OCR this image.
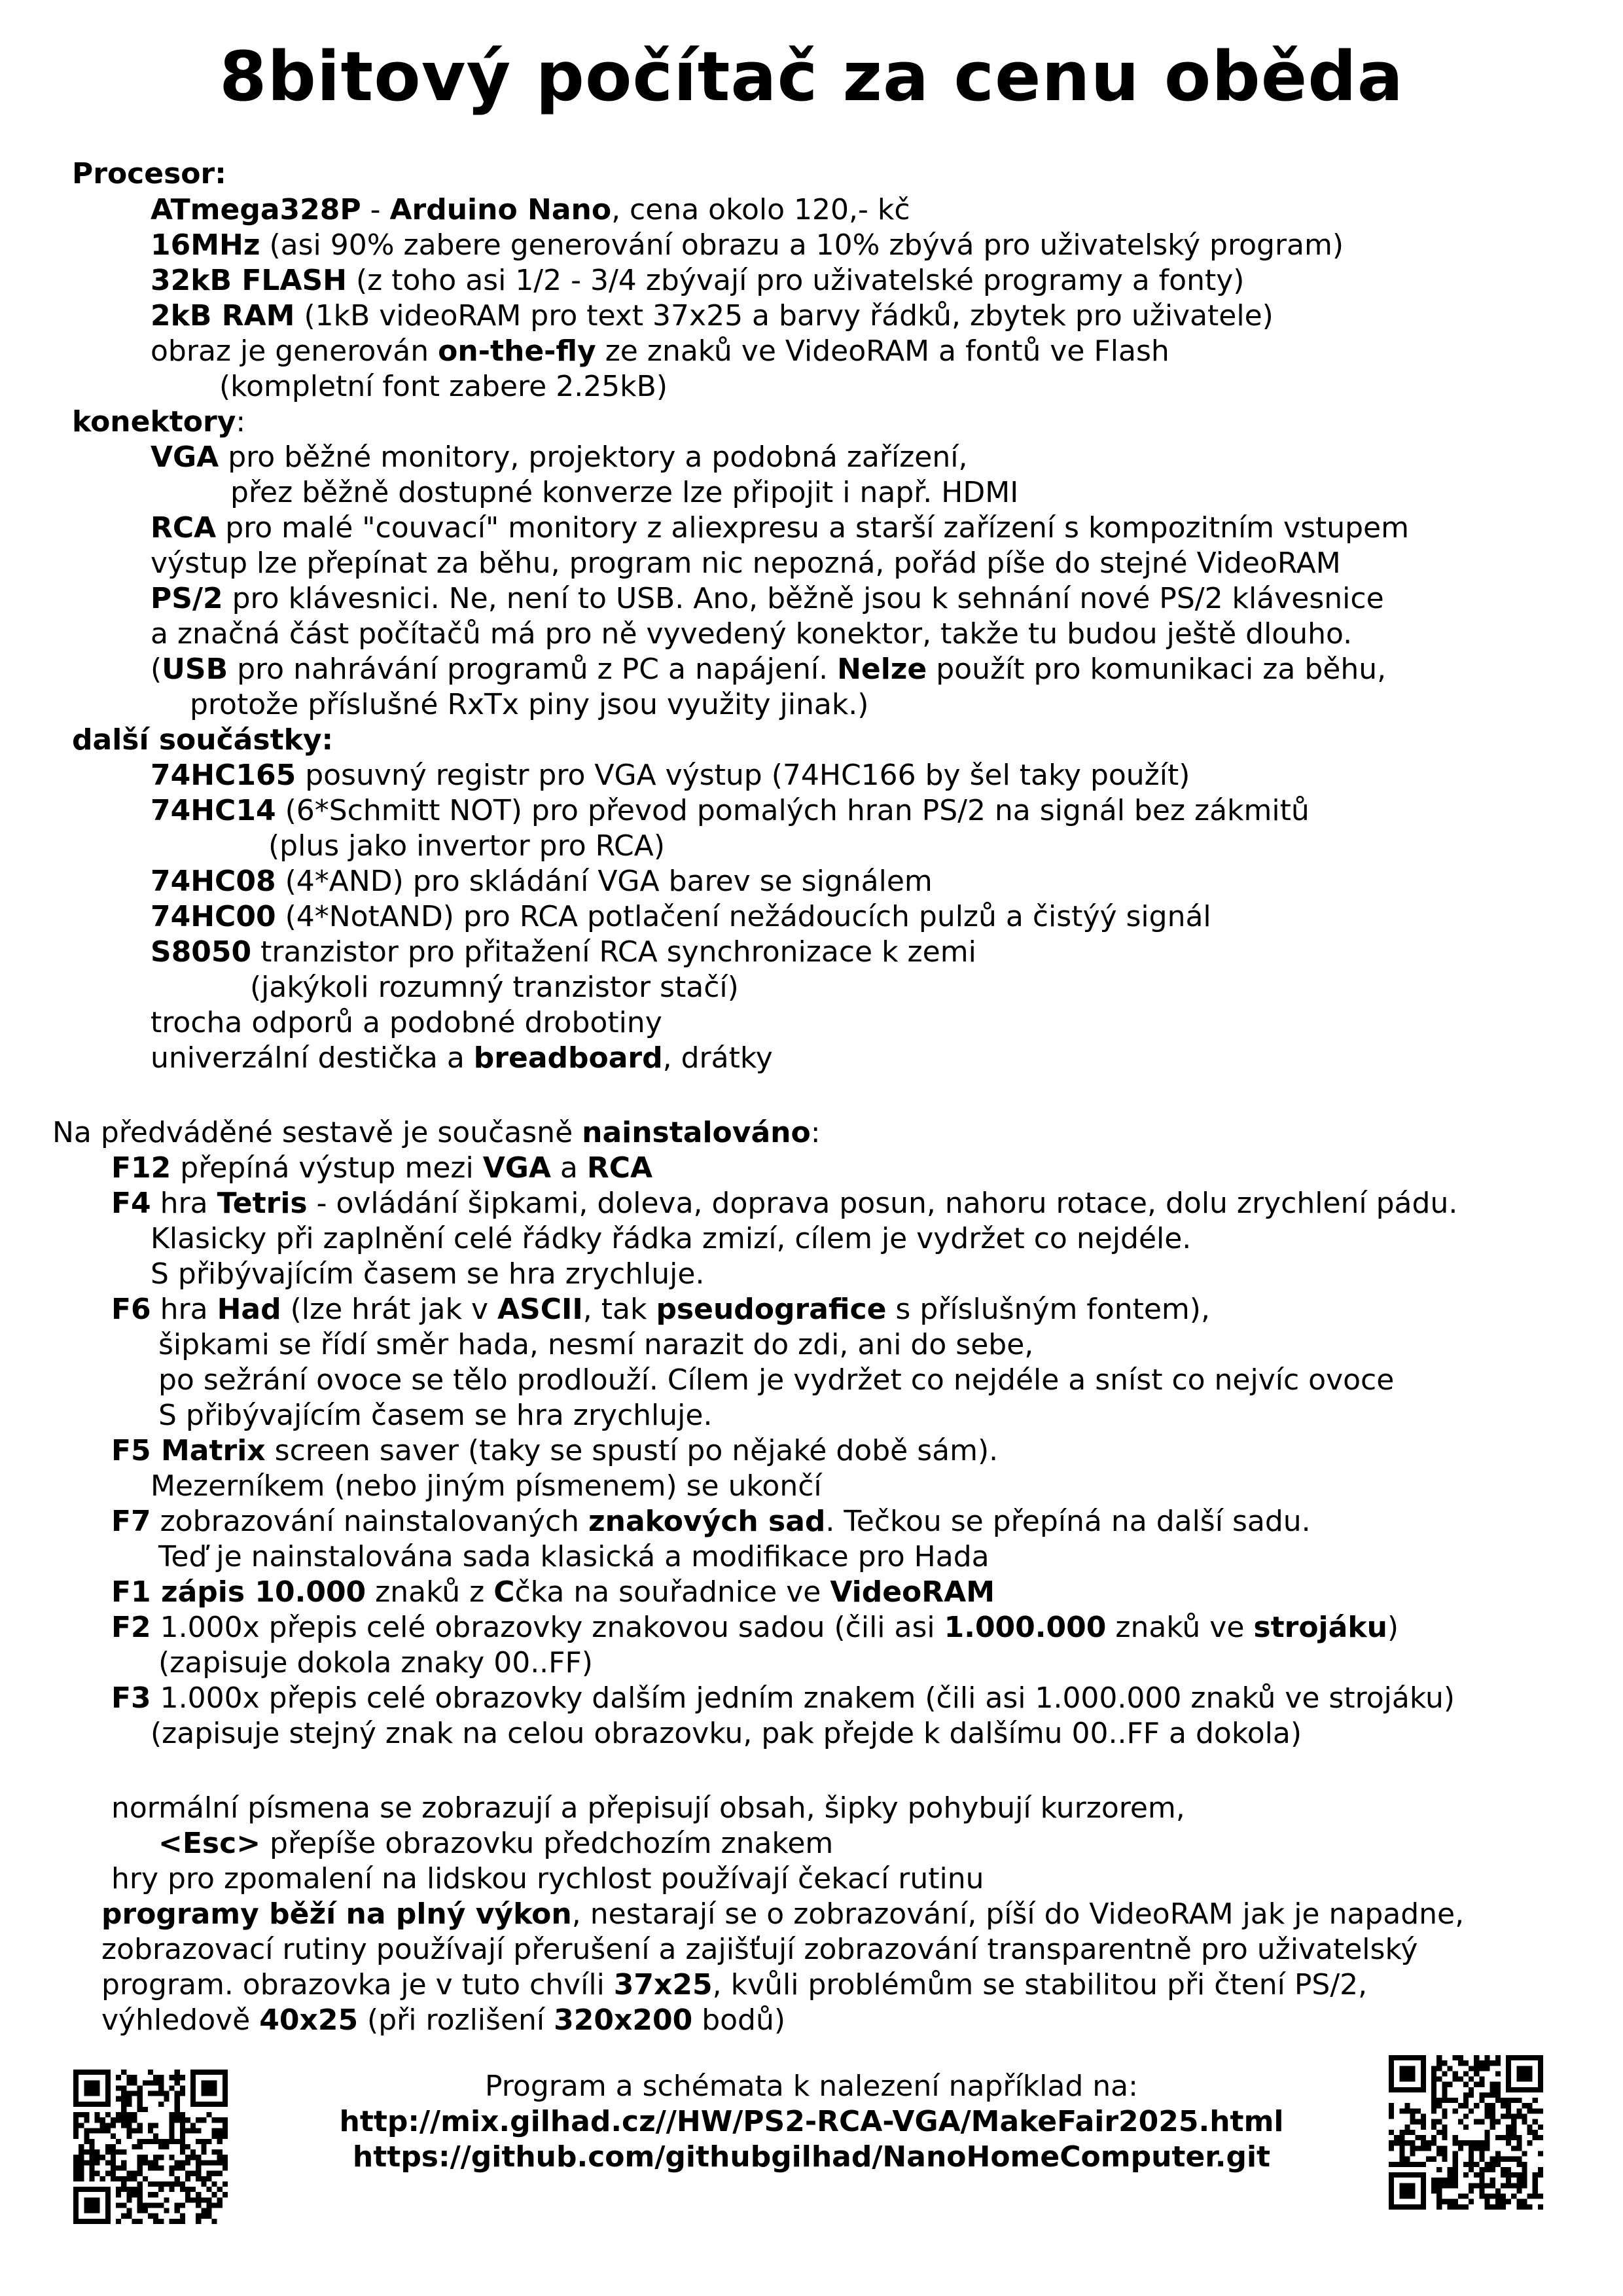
8bitový počítač za cenu oběda
Procesor:
ATmega328P - Arduino Nano, cena okolo 120,- kč
16MHz (asi 90% zabere generování obrazu a 10% zbývá pro uživatelský program)
32kB FLASH (z toho asi 1/2 - 3/4 zbývají pro uživatelské programy a fonty)
2kB RAM (1kB videoRAM pro text 37x25 a barvy řádků, zbytek pro uživatele)
obraz je generován on-the-fly ze znaků ve VideoRAM a fontů ve Flash
(kompletní font zabere 2.25kB)
konektory:
VGA pro běžné monitory, projektory a podobná zařízení,
přez běžně dostupné konverze lze připojit i např. HDMI
RCA pro malé "couvací" monitory z aliexpresu a starší zařízení s kompozitním vstupem
výstup lze přepínat za běhu, program nic nepozná, pořád píše do stejné VideoRAM
PS/2 pro klávesnici. Ne, není to USB. Ano, běžně jsou k sehnání nové PS/2 klávesnice
a značná část počítačů má pro ně vyvedený konektor, takže tu budou ještě dlouho.
(USB pro nahrávání programů z PC a napájení. Nelze použít pro komunikaci za běhu,
protože příslušné RxTx piny jsou využity jinak.)
další součástky:
74HC165 posuvný registr pro VGA výstup (74HC166 by šel taky použít)
74HC14 (6*Schmitt NOT) pro převod pomalých hran PS/2 na signál bez zákmitů
(plus jako invertor pro RCA)
74HC08 (4*AND) pro skládání VGA barev se signálem
74HC00 (4*NotAND) pro RCA potlačení nežádoucích pulzů a čistýý signál
S8050 tranzistor pro přitažení RCA synchronizace k zemi
(jakýkoli rozumný tranzistor stačí)
trocha odporů a podobné drobotiny
univerzální destička a breadboard, drátky
Na předváděné sestavě je současně nainstalováno:
F12 přepíná výstup mezi VGA a RCA
F4 hra Tetris - ovládání šipkami, doleva, doprava posun, nahoru rotace, dolu zrychlení pádu.
Klasicky při zaplnění celé řádky řádka zmizí, cílem je vydržet co nejdéle.
S přibývajícím časem se hra zrychluje.
F6 hra Had (lze hrát jak v ASCII, tak pseudografice s příslušným fontem),
šipkami se řídí směr hada, nesmí narazit do zdi, ani do sebe,
po sežrání ovoce se tělo prodlouží. Cílem je vydržet co nejdéle a sníst co nejvíc ovoce
S přibývajícím časem se hra zrychluje.
F5 Matrix screen saver (taky se spustí po nějaké době sám).
Mezerníkem (nebo jiným písmenem) se ukončí
F7 zobrazování nainstalovaných znakových sad. Tečkou se přepíná na další sadu.
Teď je nainstalována sada klasická a modifikace pro Hada
F1 zápis 10.000 znaků z Cčka na souřadnice ve VideoRAM
F2 1.000x přepis celé obrazovky znakovou sadou (čili asi 1.000.000 znaků ve strojáku)
(zapisuje dokola znaky 00..FF)
F3 1.000x přepis celé obrazovky dalším jedním znakem (čili asi 1.000.000 znaků ve strojáku)
(zapisuje stejný znak na celou obrazovku, pak přejde k dalšímu 00..FF a dokola)
normální písmena se zobrazují a přepisují obsah, šipky pohybují kurzorem,
<Esc> přepíše obrazovku předchozím znakem
hry pro zpomalení na lidskou rychlost používají čekací rutinu
programy běží na plný výkon, nestarají se o zobrazování, píší do VideoRAM jak je napadne,
zobrazovací rutiny používají přerušení a zajišťují zobrazování transparentně pro uživatelský
program. obrazovka je v tuto chvíli 37x25, kvůli problémům se stabilitou při čtení PS/2,
výhledově 40x25 (při rozlišení 320x200 bodů)
Program a schémata k nalezení například na:
http://mix.gilhad.cz//HW/PS2-RCA-VGA/MakeFair2025.html
https://github.com/githubgilhad/NanoHomeComputer.git
